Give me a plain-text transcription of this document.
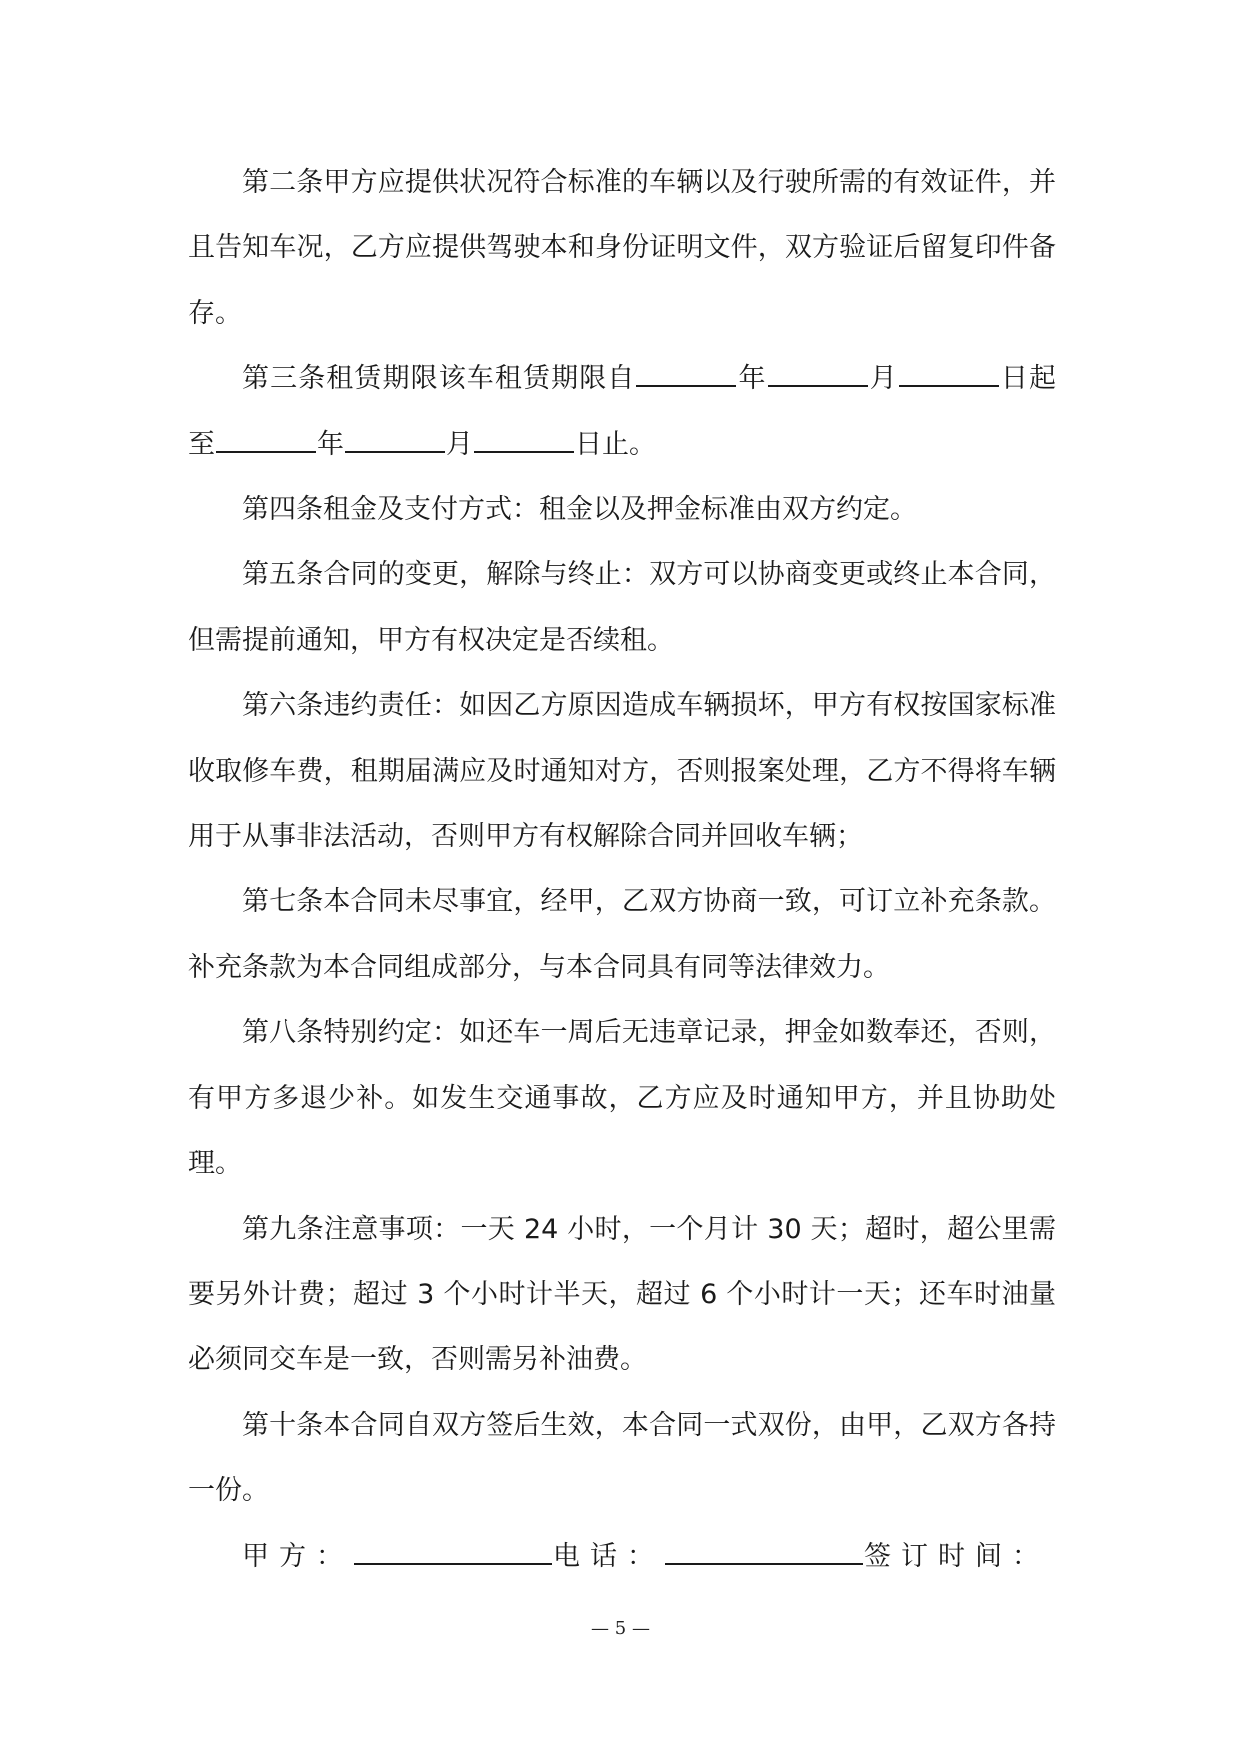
第二条甲方应提供状况符合标准的车辆以及行驶所需的有效证件，并且告知车况，乙方应提供驾驶本和身份证明文件，双方验证后留复印件备存。

第三条租赁期限该车租赁期限自	年	月	日起至	年	月	日止。

第四条租金及支付方式：租金以及押金标准由双方约定。

第五条合同的变更，解除与终止：双方可以协商变更或终止本合同，但需提前通知，甲方有权决定是否续租。

第六条违约责任：如因乙方原因造成车辆损坏，甲方有权按国家标准收取修车费，租期届满应及时通知对方，否则报案处理，乙方不得将车辆用于从事非法活动，否则甲方有权解除合同并回收车辆；

第七条本合同未尽事宜，经甲，乙双方协商一致，可订立补充条款。补充条款为本合同组成部分，与本合同具有同等法律效力。

第八条特别约定：如还车一周后无违章记录，押金如数奉还，否则，有甲方多退少补。如发生交通事故，乙方应及时通知甲方，并且协助处理。

第九条注意事项：一天 24 小时，一个月计 30 天；超时，超公里需要另外计费；超过 3 个小时计半天，超过 6 个小时计一天；还车时油量必须同交车是一致，否则需另补油费。

第十条本合同自双方签后生效，本合同一式双份，由甲，乙双方各持一份。

甲方：	电话：	签订时间：

— 5 —
